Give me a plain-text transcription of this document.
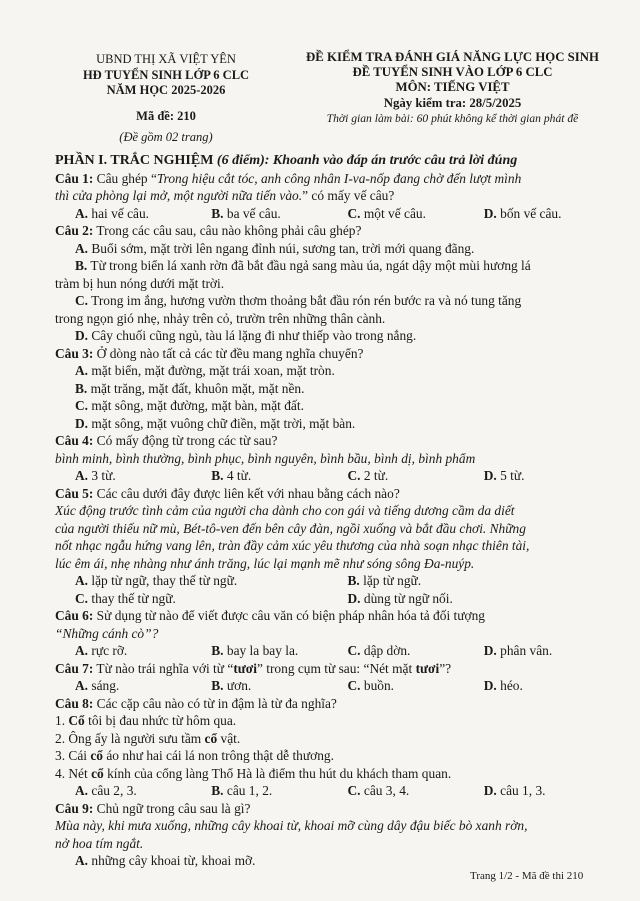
UBND THỊ XÃ VIỆT YÊN
HĐ TUYỂN SINH LỚP 6 CLC
NĂM HỌC 2025-2026
Mã đề: 210
(Đề gồm 02 trang)
ĐỀ KIỂM TRA ĐÁNH GIÁ NĂNG LỰC HỌC SINH
ĐỀ TUYỂN SINH VÀO LỚP 6 CLC
MÔN: TIẾNG VIỆT
Ngày kiểm tra: 28/5/2025
Thời gian làm bài: 60 phút không kể thời gian phát đề
PHẦN I. TRẮC NGHIỆM (6 điểm): Khoanh vào đáp án trước câu trả lời đúng
Câu 1: Câu ghép “Trong hiệu cắt tóc, anh công nhân I-va-nốp đang chờ đến lượt mình
thì cửa phòng lại mở, một người nữa tiến vào.” có mấy vế câu?
A. hai vế câu.	B. ba vế câu.	C. một vế câu.	D. bốn vế câu.
Câu 2: Trong các câu sau, câu nào không phải câu ghép?
A. Buổi sớm, mặt trời lên ngang đỉnh núi, sương tan, trời mới quang đãng.
B. Từ trong biển lá xanh rờn đã bắt đầu ngả sang màu úa, ngát dậy một mùi hương lá
tràm bị hun nóng dưới mặt trời.
C. Trong im ắng, hương vườn thơm thoảng bắt đầu rón rén bước ra và nó tung tăng
trong ngọn gió nhẹ, nhảy trên cỏ, trườn trên những thân cành.
D. Cây chuối cũng ngủ, tàu lá lặng đi như thiếp vào trong nắng.
Câu 3: Ở dòng nào tất cả các từ đều mang nghĩa chuyển?
A. mặt biển, mặt đường, mặt trái xoan, mặt tròn.
B. mặt trăng, mặt đất, khuôn mặt, mặt nền.
C. mặt sông, mặt đường, mặt bàn, mặt đất.
D. mặt sông, mặt vuông chữ điền, mặt trời, mặt bàn.
Câu 4: Có mấy động từ trong các từ sau?
bình minh, bình thường, bình phục, bình nguyên, bình bầu, bình dị, bình phẩm
A. 3 từ.	B. 4 từ.	C. 2 từ.	D. 5 từ.
Câu 5: Các câu dưới đây được liên kết với nhau bằng cách nào?
Xúc động trước tình cảm của người cha dành cho con gái và tiếng dương cầm da diết
của người thiếu nữ mù, Bét-tô-ven đến bên cây đàn, ngồi xuống và bắt đầu chơi. Những
nốt nhạc ngẫu hứng vang lên, tràn đầy cảm xúc yêu thương của nhà soạn nhạc thiên tài,
lúc êm ái, nhẹ nhàng như ánh trăng, lúc lại mạnh mẽ như sóng sông Đa-nuýp.
A. lặp từ ngữ, thay thế từ ngữ.	B. lặp từ ngữ.
C. thay thế từ ngữ.	D. dùng từ ngữ nối.
Câu 6: Sử dụng từ nào để viết được câu văn có biện pháp nhân hóa tả đối tượng
“Những cánh cò”?
A. rực rỡ.	B. bay la bay la.	C. dập dờn.	D. phân vân.
Câu 7: Từ nào trái nghĩa với từ “tươi” trong cụm từ sau: “Nét mặt tươi”?
A. sáng.	B. ươn.	C. buồn.	D. héo.
Câu 8: Các cặp câu nào có từ in đậm là từ đa nghĩa?
1. Cổ tôi bị đau nhức từ hôm qua.
2. Ông ấy là người sưu tầm cổ vật.
3. Cái cổ áo như hai cái lá non trông thật dễ thương.
4. Nét cổ kính của cổng làng Thổ Hà là điểm thu hút du khách tham quan.
A. câu 2, 3.	B. câu 1, 2.	C. câu 3, 4.	D. câu 1, 3.
Câu 9: Chủ ngữ trong câu sau là gì?
Mùa này, khi mưa xuống, những cây khoai từ, khoai mỡ cùng dây đậu biếc bò xanh rờn,
nở hoa tím ngắt.
A. những cây khoai từ, khoai mỡ.
Trang 1/2 - Mã đề thi 210
